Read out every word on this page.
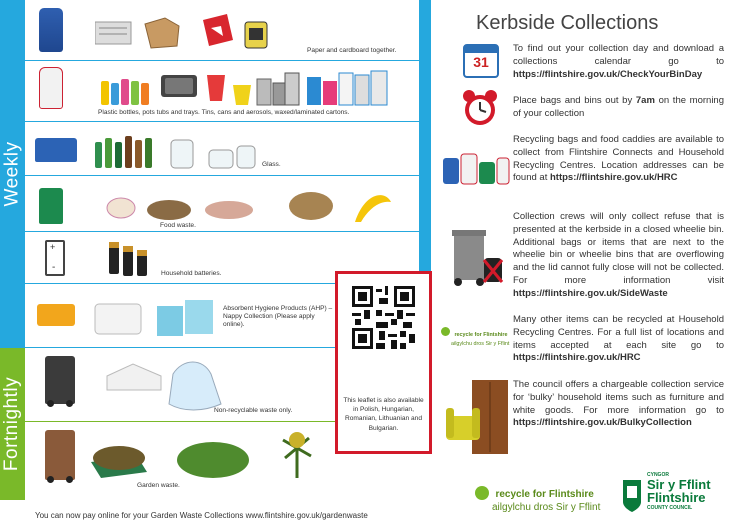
Weekly
Fortnightly
Paper and cardboard together.
Plastic bottles, pots tubs and trays. Tins, cans and aerosols, waxed/laminated cartons.
Glass.
Food waste.
+
-
Household batteries.
Absorbent Hygiene Products (AHP) – Nappy Collection (Please apply online).
Non-recyclable waste only.
Garden waste.
This leaflet is also available in Polish, Hungarian, Romanian, Lithuanian and Bulgarian.
Kerbside Collections
31
To find out your collection day and download a collections calendar go to https://flintshire.gov.uk/CheckYourBinDay
Place bags and bins out by 7am on the morning of your collection
Recycling bags and food caddies are available to collect from Flintshire Connects and Household Recycling Centres. Location addresses can be found at https://flintshire.gov.uk/HRC
Collection crews will only collect refuse that is presented at the kerbside in a closed wheelie bin. Additional bags or items that are next to the wheelie bin or wheelie bins that are overflowing and the lid cannot fully close will not be collected. For more information visit https://flintshire.gov.uk/SideWaste
recycle for Flintshire
ailgylchu dros Sir y Fflint
Many other items can be recycled at Household Recycling Centres. For a full list of locations and items accepted at each site go to https://flintshire.gov.uk/HRC
The council offers a chargeable collection service for ‘bulky’ household items such as furniture and white goods. For more information go to https://flintshire.gov.uk/BulkyCollection
recycle for Flintshire
ailgylchu dros Sir y Fflint
CYNGOR
Sir y Fflint
Flintshire
COUNTY COUNCIL
You can now pay online for your Garden Waste Collections www.flintshire.gov.uk/gardenwaste
